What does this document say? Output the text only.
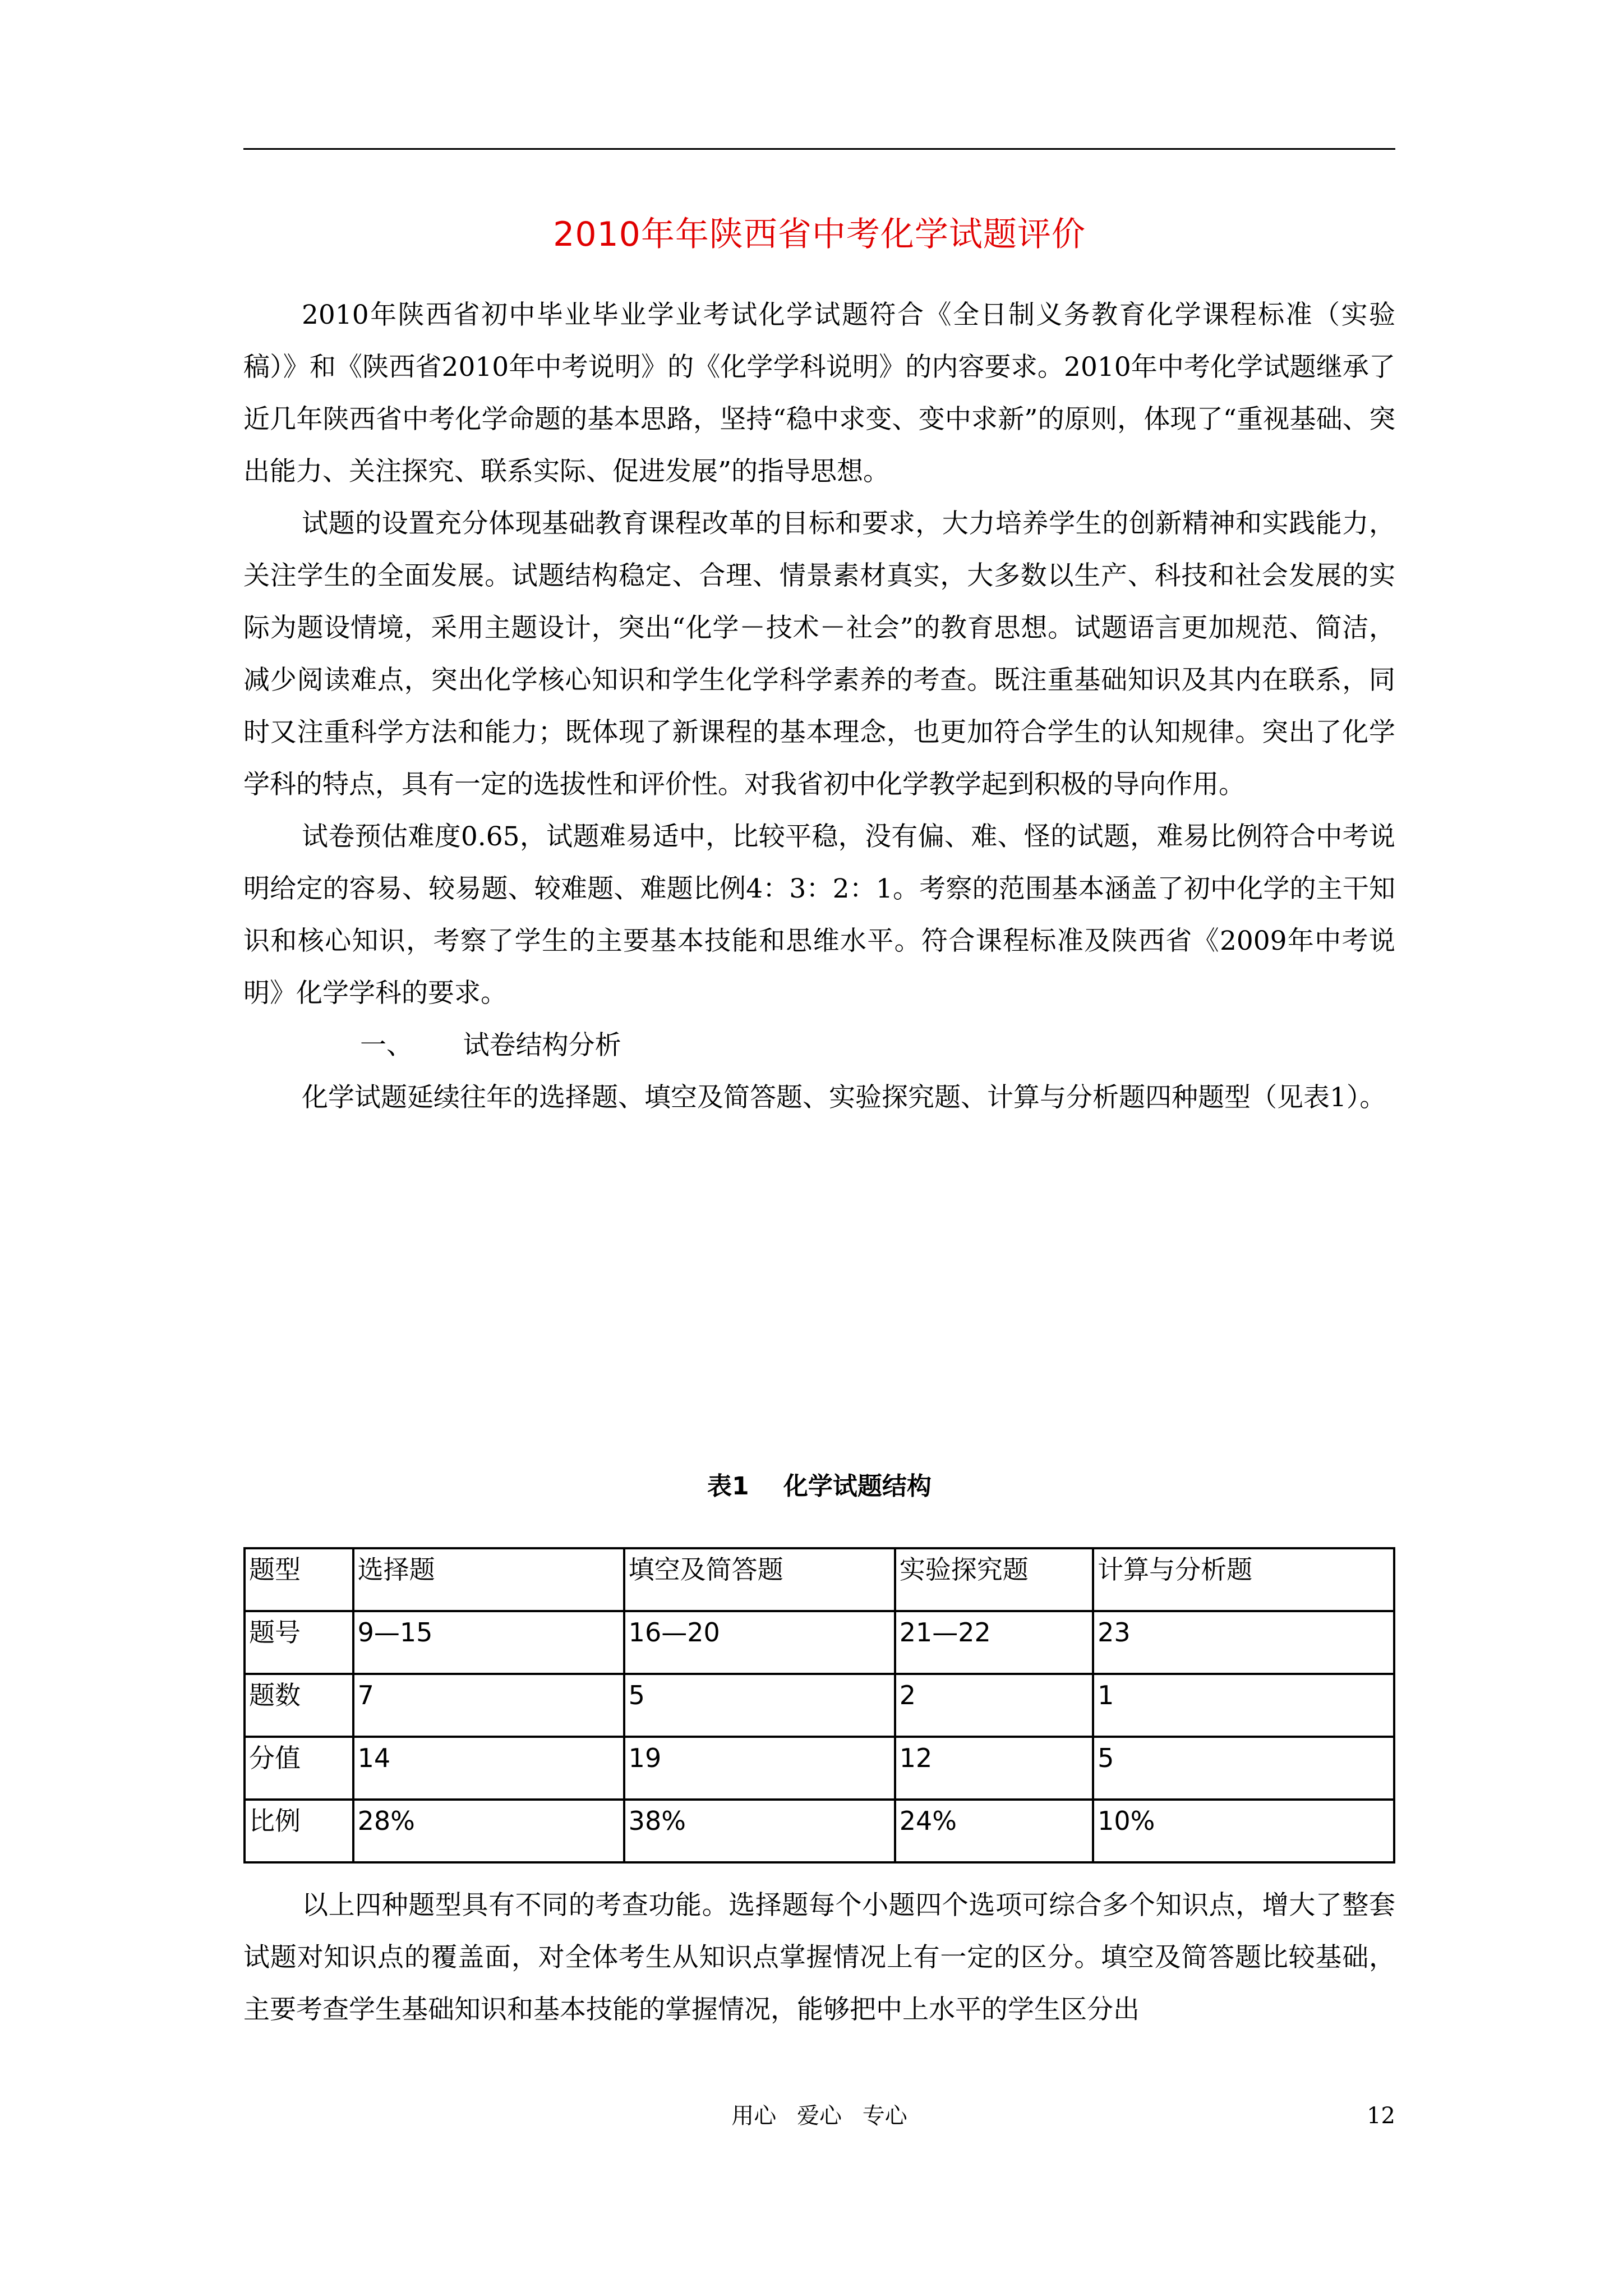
2010年年陕西省中考化学试题评价

2010年陕西省初中毕业毕业学业考试化学试题符合《全日制义务教育化学课程标准（实验稿）》和《陕西省2010年中考说明》的《化学学科说明》的内容要求。2010年中考化学试题继承了近几年陕西省中考化学命题的基本思路，坚持“稳中求变、变中求新”的原则，体现了“重视基础、突出能力、关注探究、联系实际、促进发展”的指导思想。

试题的设置充分体现基础教育课程改革的目标和要求，大力培养学生的创新精神和实践能力，关注学生的全面发展。试题结构稳定、合理、情景素材真实，大多数以生产、科技和社会发展的实际为题设情境，采用主题设计，突出“化学－技术－社会”的教育思想。试题语言更加规范、简洁，减少阅读难点，突出化学核心知识和学生化学科学素养的考查。既注重基础知识及其内在联系，同时又注重科学方法和能力；既体现了新课程的基本理念，也更加符合学生的认知规律。突出了化学学科的特点，具有一定的选拔性和评价性。对我省初中化学教学起到积极的导向作用。

试卷预估难度0.65，试题难易适中，比较平稳，没有偏、难、怪的试题，难易比例符合中考说明给定的容易、较易题、较难题、难题比例4：3：2：1。考察的范围基本涵盖了初中化学的主干知识和核心知识，考察了学生的主要基本技能和思维水平。符合课程标准及陕西省《2009年中考说明》化学学科的要求。

一、      试卷结构分析

化学试题延续往年的选择题、填空及简答题、实验探究题、计算与分析题四种题型（见表1）。

表1    化学试题结构
题型	选择题	填空及简答题	实验探究题	计算与分析题
题号	9—15	16—20	21—22	23
题数	7	5	2	1
分值	14	19	12	5
比例	28%	38%	24%	10%

以上四种题型具有不同的考查功能。选择题每个小题四个选项可综合多个知识点，增大了整套试题对知识点的覆盖面，对全体考生从知识点掌握情况上有一定的区分。填空及简答题比较基础，主要考查学生基础知识和基本技能的掌握情况，能够把中上水平的学生区分出

用心 爱心 专心	12
